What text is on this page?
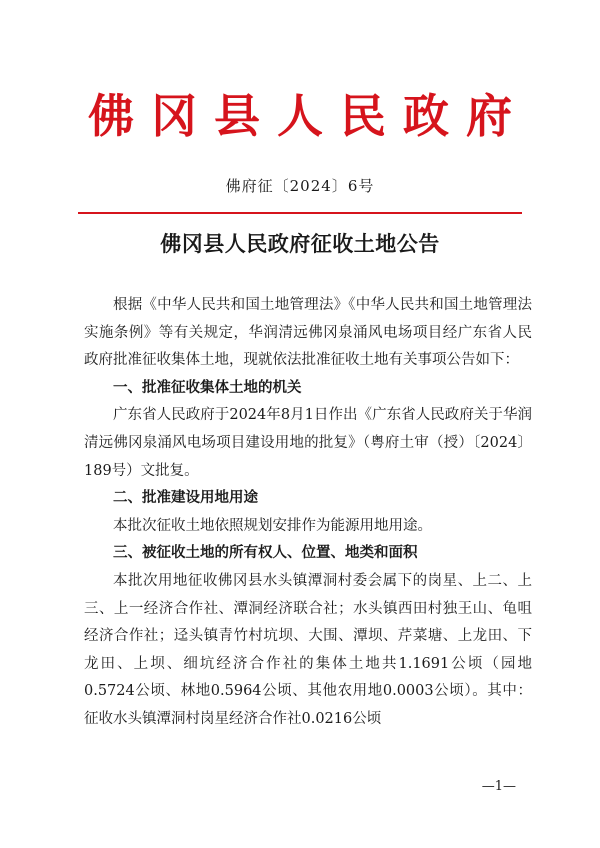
佛冈县人民政府
佛府征〔2024〕6号
佛冈县人民政府征收土地公告

根据《中华人民共和国土地管理法》《中华人民共和国土地管理法实施条例》等有关规定，华润清远佛冈泉涌风电场项目经广东省人民政府批准征收集体土地，现就依法批准征收土地有关事项公告如下：

一、批准征收集体土地的机关

广东省人民政府于2024年8月1日作出《广东省人民政府关于华润清远佛冈泉涌风电场项目建设用地的批复》（粤府土审（授）〔2024〕189号）文批复。

二、批准建设用地用途

本批次征收土地依照规划安排作为能源用地用途。

三、被征收土地的所有权人、位置、地类和面积

本批次用地征收佛冈县水头镇潭洞村委会属下的岗星、上二、上三、上一经济合作社、潭洞经济联合社；水头镇西田村独王山、龟咀经济合作社；迳头镇青竹村坑坝、大围、潭坝、芹菜塘、上龙田、下龙田、上坝、细坑经济合作社的集体土地共1.1691公顷（园地0.5724公顷、林地0.5964公顷、其他农用地0.0003公顷）。其中：征收水头镇潭洞村岗星经济合作社0.0216公顷

—1—
